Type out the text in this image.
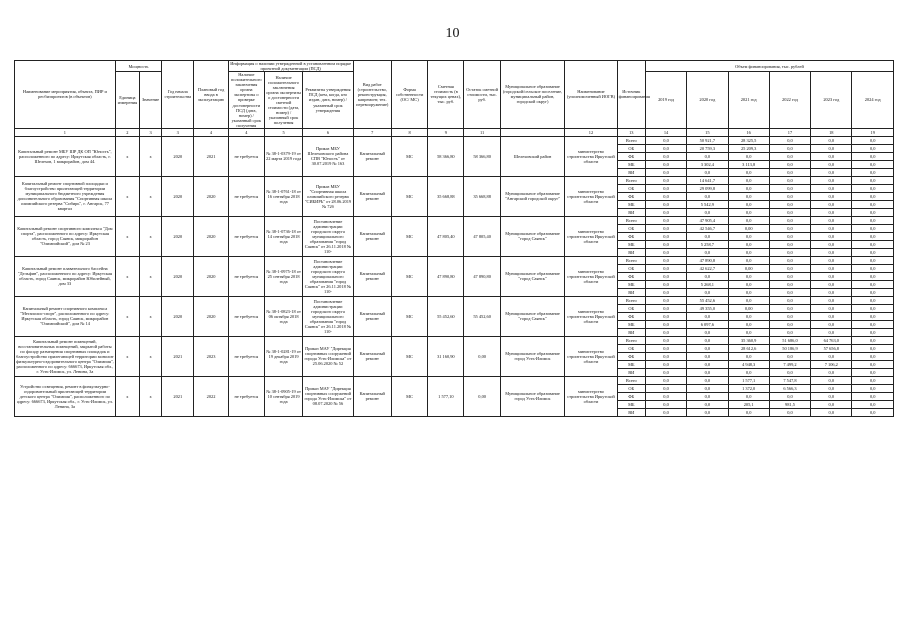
10
Наименование мероприятия, объекта, ПИР и ресбизпроектов (в объектов)	Мощность		Год начала строительства	Плановый год ввода в эксплуатацию	Информация о наличии утвержденной в установленном порядке проектной документации (ПСД)			Вид работ (строительство, реконструкция, капремонт, тех. перевооружение)	Форма собственности (ОС/ МС)	Сметная стоимость (в текущих ценах), тыс. руб.	Остаток сметной стоимости, тыс. руб.	Муниципальное образование (городской/сельское поселение, муниципальный район, городской округ)	Наименование (уполномоченный ИОГВ)	Источник финансирования	Объем финансирования, тыс. рублей					

	Единица измерения	Значение			Наличие положительного заключения органа экспертизы о проверке достоверности ПСД (дата, номер) / указанный срок получения	Наличие положительного заключения органа экспертизы о достоверности сметной стоимости (дата, номер) / указанный срок получения	Реквизиты утверждения ПСД (кем, когда, кто издан, дата, номер) / указанный срок утверждения								2019 год	2020 год	2021 год	2022 год	2023 год	2024 год
1	2	3	3	4	4	5	6	7	8	9	11		12	13	14	15	16	17	18	19
Капитальный ремонт МБУ ШР ДК ОП "Юность", расположенного по адресу: Иркутская область, г. Шелехов, 1 микрорайон, дом 44.	x	x	2020	2021	не требуется	№ 38-1-0379-19 от 22 марта 2019 года	Приказ МБУ Шелеховского района СПВ "Юность" от 30.07.2019 № 163	Капитальный ремонт	МС	58 366,80	58 366,80	Шелеховский район	министерство строительства Иркутской области	Всего	0,0	50 921,7	28 325,5	0,0	0,0	0,0
														ОБ	0,0	20 759,3	25 209,3	0,0	0,0	0,0
														ФБ	0,0	0,0	0,0	0,0	0,0	0,0
														МБ	0,0	3 302,4	3 113,8	0,0	0,0	0,0
														ВИ	0,0	0,0	0,0	0,0	0,0	0,0
Капитальный ремонт спортивной площадки и благоустройство прилегающей территории муниципального бюджетного учреждения дополнительного образования "Спортивная школа олимпийского резерва "Сибирь", г. Ангарск, 77 квартал	x	x	2020	2020	не требуется	№ 38-1-0761-18 от 16 сентября 2018 года	Приказ МБУ "Спортивная школа олимпийского резерва "СИБИРЬ" от 28.06.2019 № 72б	Капитальный ремонт	МС	35 668,88	35 668,88	Муниципальное образование "Ангарский городской округ"	министерство строительства Иркутской области	Всего	0,0	14 641,7	0,0	0,0	0,0	0,0
														ОБ	0,0	29 099,8	0,0	0,0	0,0	0,0
														ФБ	0,0	0,0	0,0	0,0	0,0	0,0
														МБ	0,0	5 542,9	0,0	0,0	0,0	0,0
														ВИ	0,0	0,0	0,0	0,0	0,0	0,0
Капитальный ремонт спортивного комплекса "Дом спорта", расположенного по адресу: Иркутская область, город Саянск, микрорайон "Олимпийский", дом № 23	x	x	2020	2020	не требуется	№ 38-1-0736-18 от 14 сентября 2018 года	Постановление администрации городского округа муниципального образования "город Саянск" от 26.11.2018 № 110-	Капитальный ремонт	МС	47 805,40	47 805,40	Муниципальное образование "город Саянск"	министерство строительства Иркутской области	Всего	0,0	47 905,4	0,0	0,0	0,0	0,0
														ОБ	0,0	42 546,7	0,00	0,0	0,0	0,0
														ФБ	0,0	0,0	0,0	0,0	0,0	0,0
														МБ	0,0	5 258,7	0,0	0,0	0,0	0,0
														ВИ	0,0	0,0	0,0	0,0	0,0	0,0
Капитальный ремонт плавательного бассейна "Дельфин", расположенного по адресу: Иркутская область, город Саянск, микрорайон Юбилейный, дом 33	x	x	2020	2020	не требуется	№ 38-1-0975-18 от 25 сентября 2018 года	Постановление администрации городского округа муниципального образования "город Саянск" от 26.11.2018 № 110-	Капитальный ремонт	МС	47 890,80	47 890,80	Муниципальное образование "город Саянск"	министерство строительства Иркутской области	Всего	0,0	47 890,8	0,0	0,0	0,0	0,0
														ОБ	0,0	42 622,7	0,00	0,0	0,0	0,0
														ФБ	0,0	0,0	0,0	0,0	0,0	0,0
														МБ	0,0	5 268,1	0,0	0,0	0,0	0,0
														ВИ	0,0	0,0	0,0	0,0	0,0	0,0
Капитальный ремонт спортивного комплекса "Мегаполис-спорт", расположенного по адресу: Иркутская область, город Саянск, микрорайон "Олимпийский", дом № 14	x	x	2020	2020	не требуется	№ 38-1-0823-18 от 06 октября 2018 года	Постановление администрации городского округа муниципального образования "город Саянск" от 26.11.2018 № 110-	Капитальный ремонт	МС	55 452,60	55 452,60	Муниципальное образование "город Саянск"	министерство строительства Иркутской области	Всего	0,0	55 452,6	0,0	0,0	0,0	0,0
														ОБ	0,0	49 355,0	0,00	0,0	0,0	0,0
														ФБ	0,0	0,0	0,0	0,0	0,0	0,0
														МБ	0,0	6 097,6	0,0	0,0	0,0	0,0
														ВИ	0,0	0,0	0,0	0,0	0,0	0,0
Капитальный ремонт помещений, восстановительных помещений, закрытой работы по фасаду размещения спортивных площадок и благоустройство прилегающей территории монолит физкультурно-оздоровительного центра "Олимпия", расположенного по адресу: 666673, Иркутская обл., г. Усть-Илимск, ул. Ленина, 3а	x	x	2021	2023	не требуется	№ 38-1-0281-19 от 19 декабря 2019 года	Приказ МАУ "Дирекция спортивных сооружений города Усть-Илимска" от 25.06.2020 № 52	Капитальный ремонт	МС	31 160,90	0,00	Муниципальное образование город Усть-Илимск	министерство строительства Иркутской области	Всего	0,0	0,0	35 360,9	51 686,0	64 763,0	0,0
														ОБ	0,0	0,0	28 612,6	50 186,9	57 656,8	0,0
														ФБ	0,0	0,0	0,0	0,0	0,0	0,0
														МБ	0,0	0,0	4 948,3	7 499,2	7 106,2	0,0
														ВИ	0,0	0,0	0,0	0,0	0,0	0,0
Устройство освещения, ремонт в физкультурно-оздоровительный прилегающей территории детского центра "Олимпия", расположенного по адресу: 666673, Иркутская обл., г. Усть-Илимск, ул. Ленина, 3а	x	x	2021	2022	не требуется	№ 38-1-0905-19 от 10 сентября 2019 года	Приказ МАУ "Дирекция спортивных сооружений города Усть-Илимска" от 08.07.2020 № 56	Капитальный ремонт	МС	1 577,10	0,00	Муниципальное образование город Усть-Илимск	министерство строительства Иркутской области	Всего	0,0	0,0	1 577,1	7 547,8	0,0	0,0
														ОБ	0,0	0,0	1 372,0	6 566,3	0,0	0,0
														ФБ	0,0	0,0	0,0	0,0	0,0	0,0
														МБ	0,0	0,0	205,1	981,5	0,0	0,0
														ВИ	0,0	0,0	0,0	0,0	0,0	0,0
